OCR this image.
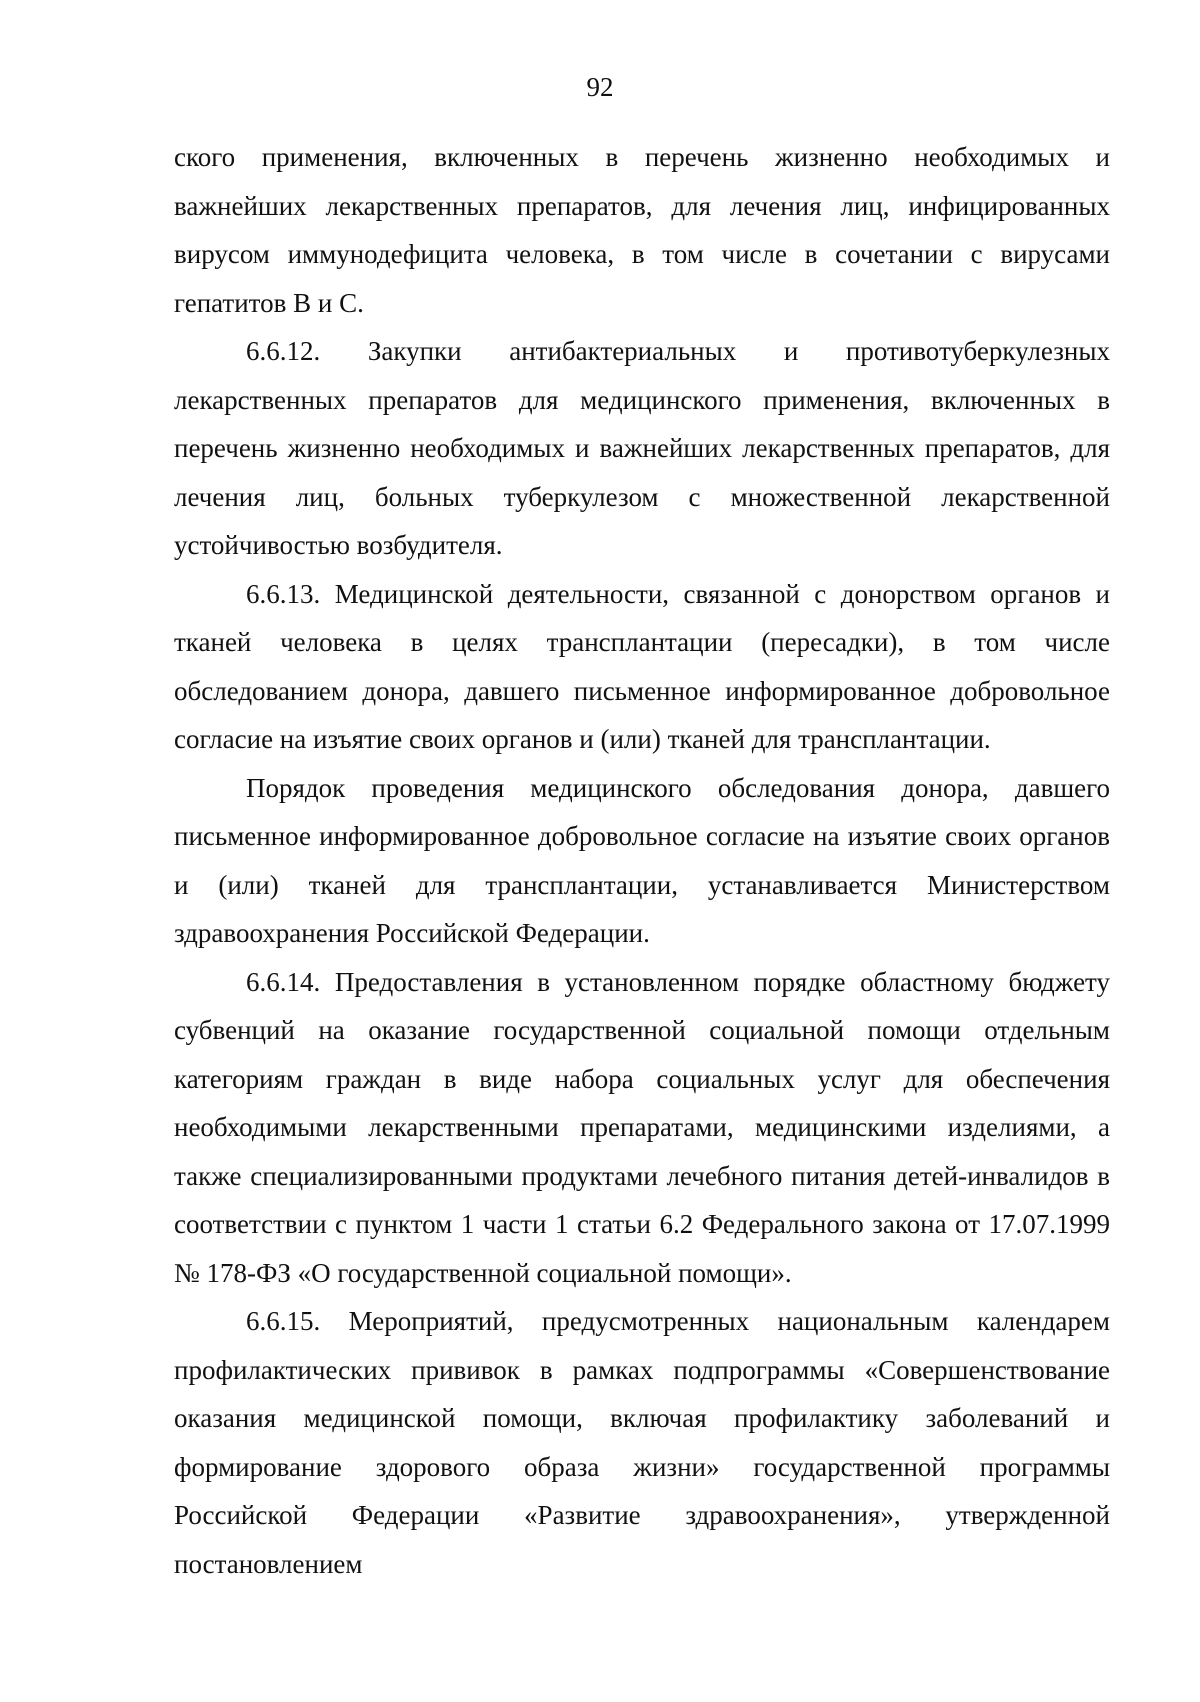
92

ского применения, включенных в перечень жизненно необходимых и важнейших лекарственных препаратов, для лечения лиц, инфицированных вирусом иммунодефицита человека, в том числе в сочетании с вирусами гепатитов В и С.

6.6.12. Закупки антибактериальных и противотуберкулезных лекарственных препаратов для медицинского применения, включенных в перечень жизненно необходимых и важнейших лекарственных препаратов, для лечения лиц, больных туберкулезом с множественной лекарственной устойчивостью возбудителя.

6.6.13. Медицинской деятельности, связанной с донорством органов и тканей человека в целях трансплантации (пересадки), в том числе обследованием донора, давшего письменное информированное добровольное согласие на изъятие своих органов и (или) тканей для трансплантации.

Порядок проведения медицинского обследования донора, давшего письменное информированное добровольное согласие на изъятие своих органов и (или) тканей для трансплантации, устанавливается Министерством здравоохранения Российской Федерации.

6.6.14. Предоставления в установленном порядке областному бюджету субвенций на оказание государственной социальной помощи отдельным категориям граждан в виде набора социальных услуг для обеспечения необходимыми лекарственными препаратами, медицинскими изделиями, а также специализированными продуктами лечебного питания детей-инвалидов в соответствии с пунктом 1 части 1 статьи 6.2 Федерального закона от 17.07.1999 № 178-ФЗ «О государственной социальной помощи».

6.6.15. Мероприятий, предусмотренных национальным календарем профилактических прививок в рамках подпрограммы «Совершенствование оказания медицинской помощи, включая профилактику заболеваний и формирование здорового образа жизни» государственной программы Российской Федерации «Развитие здравоохранения», утвержденной постановлением
